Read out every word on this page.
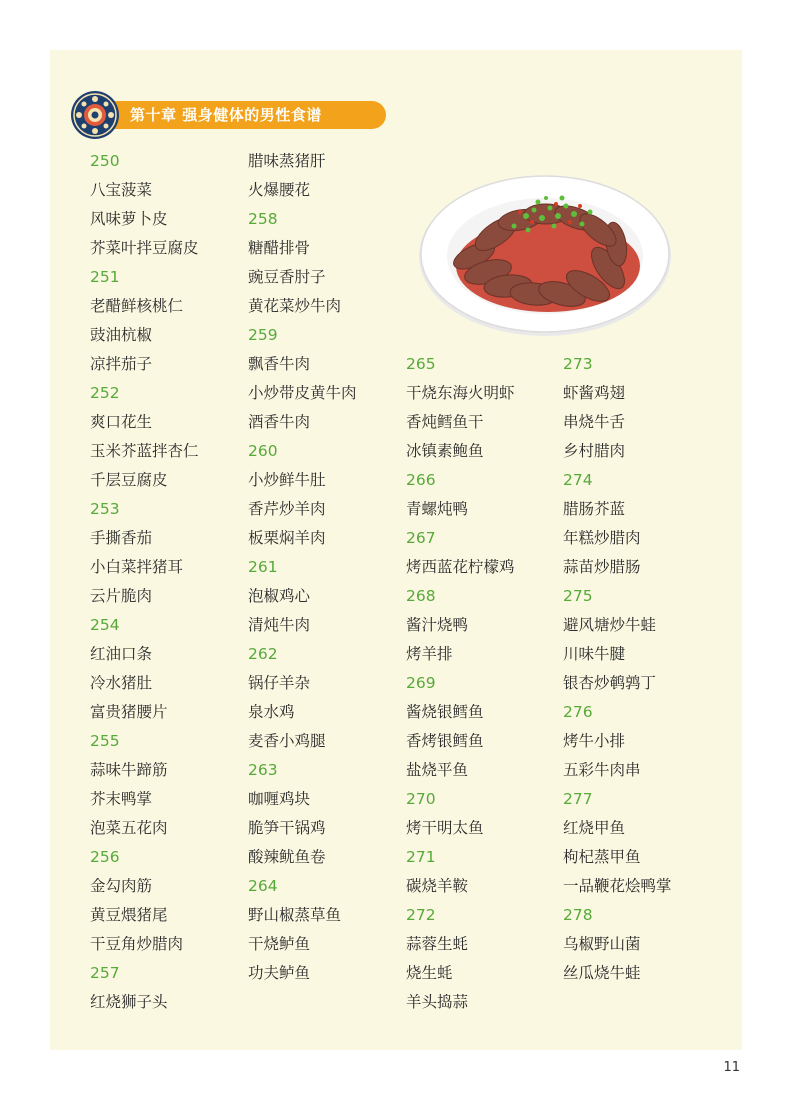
第十章 强身健体的男性食谱
250
八宝菠菜
风味萝卜皮
芥菜叶拌豆腐皮
251
老醋鲜核桃仁
豉油杭椒
凉拌茄子
252
爽口花生
玉米芥蓝拌杏仁
千层豆腐皮
253
手撕香茄
小白菜拌猪耳
云片脆肉
254
红油口条
冷水猪肚
富贵猪腰片
255
蒜味牛蹄筋
芥末鸭掌
泡菜五花肉
256
金勾肉筋
黄豆煨猪尾
干豆角炒腊肉
257
红烧狮子头
腊味蒸猪肝
火爆腰花
258
糖醋排骨
豌豆香肘子
黄花菜炒牛肉
259
飘香牛肉
小炒带皮黄牛肉
酒香牛肉
260
小炒鲜牛肚
香芹炒羊肉
板栗焖羊肉
261
泡椒鸡心
清炖牛肉
262
锅仔羊杂
泉水鸡
麦香小鸡腿
263
咖喱鸡块
脆笋干锅鸡
酸辣鱿鱼卷
264
野山椒蒸草鱼
干烧鲈鱼
功夫鲈鱼
265
干烧东海火明虾
香炖鳕鱼干
冰镇素鲍鱼
266
青螺炖鸭
267
烤西蓝花柠檬鸡
268
酱汁烧鸭
烤羊排
269
酱烧银鳕鱼
香烤银鳕鱼
盐烧平鱼
270
烤干明太鱼
271
碳烧羊鞍
272
蒜蓉生蚝
烧生蚝
羊头捣蒜
273
虾酱鸡翅
串烧牛舌
乡村腊肉
274
腊肠芥蓝
年糕炒腊肉
蒜苗炒腊肠
275
避风塘炒牛蛙
川味牛腱
银杏炒鹌鹑丁
276
烤牛小排
五彩牛肉串
277
红烧甲鱼
枸杞蒸甲鱼
一品鞭花烩鸭掌
278
乌椒野山菌
丝瓜烧牛蛙
11
